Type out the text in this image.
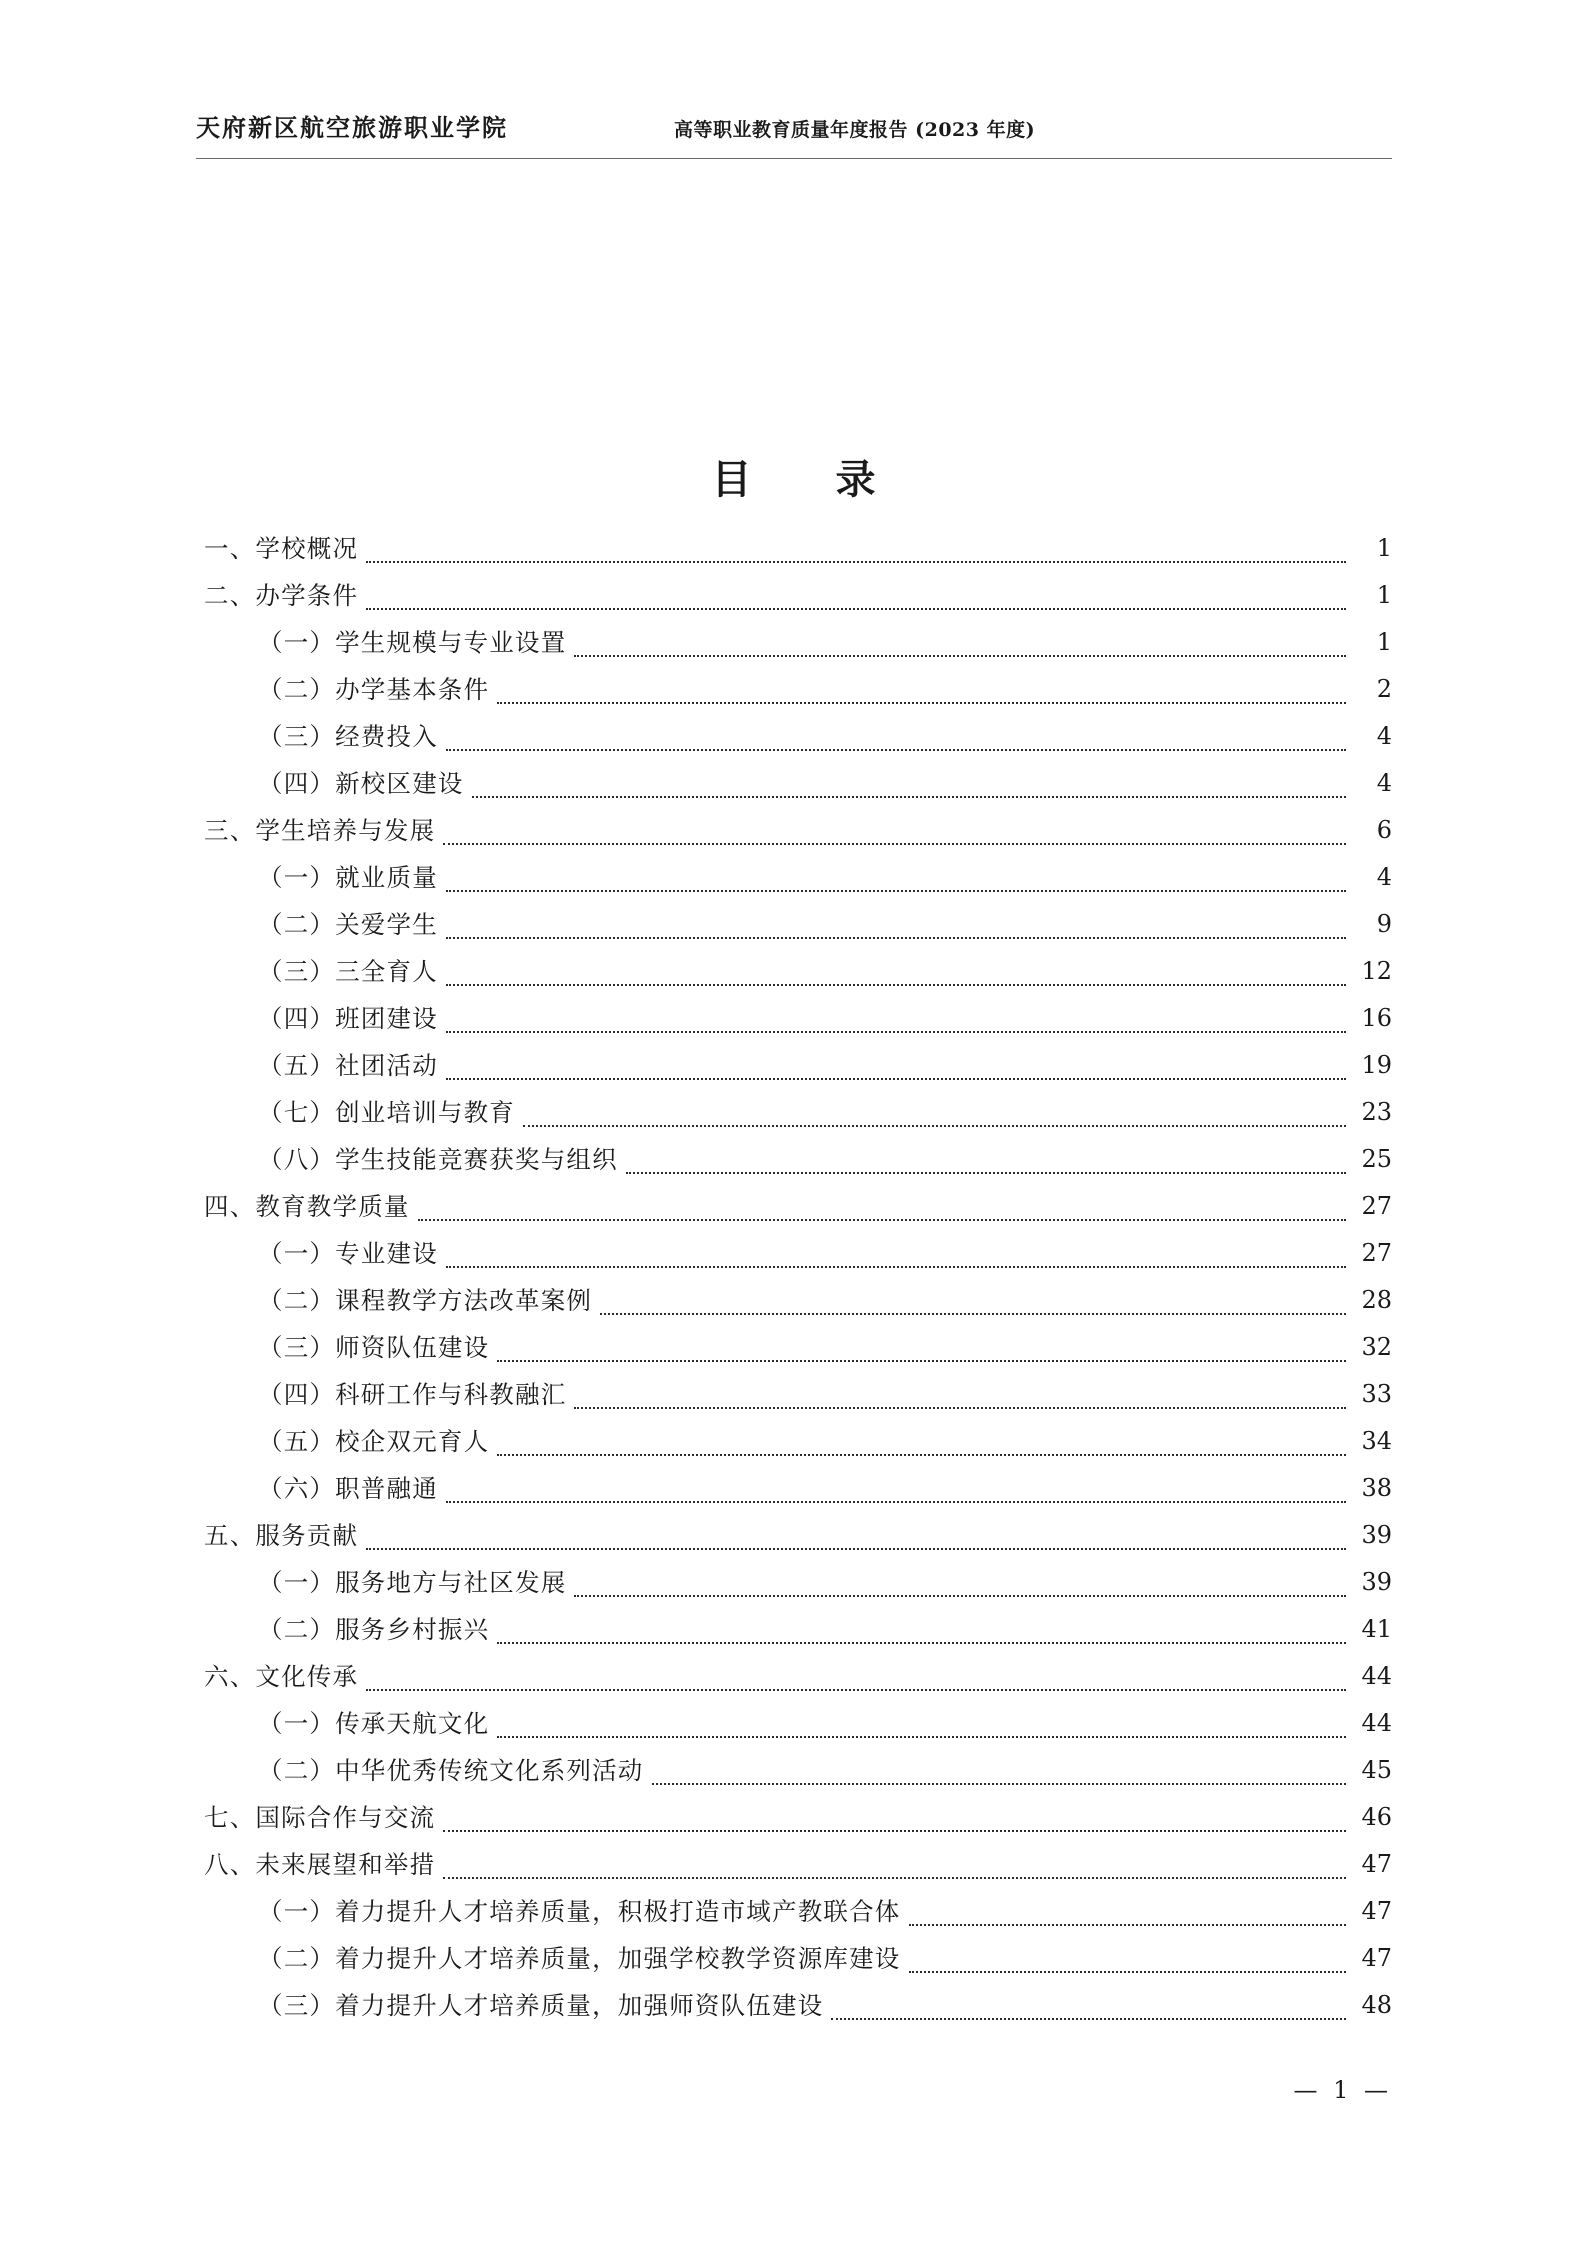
天府新区航空旅游职业学院	高等职业教育质量年度报告 (2023 年度)
目　录
一、学校概况	1
二、办学条件	1
（一）学生规模与专业设置	1
（二）办学基本条件	2
（三）经费投入	4
（四）新校区建设	4
三、学生培养与发展	6
（一）就业质量	4
（二）关爱学生	9
（三）三全育人	12
（四）班团建设	16
（五）社团活动	19
（七）创业培训与教育	23
（八）学生技能竞赛获奖与组织	25
四、教育教学质量	27
（一）专业建设	27
（二）课程教学方法改革案例	28
（三）师资队伍建设	32
（四）科研工作与科教融汇	33
（五）校企双元育人	34
（六）职普融通	38
五、服务贡献	39
（一）服务地方与社区发展	39
（二）服务乡村振兴	41
六、文化传承	44
（一）传承天航文化	44
（二）中华优秀传统文化系列活动	45
七、国际合作与交流	46
八、未来展望和举措	47
（一）着力提升人才培养质量，积极打造市域产教联合体	47
（二）着力提升人才培养质量，加强学校教学资源库建设	47
（三）着力提升人才培养质量，加强师资队伍建设	48
— 1 —
